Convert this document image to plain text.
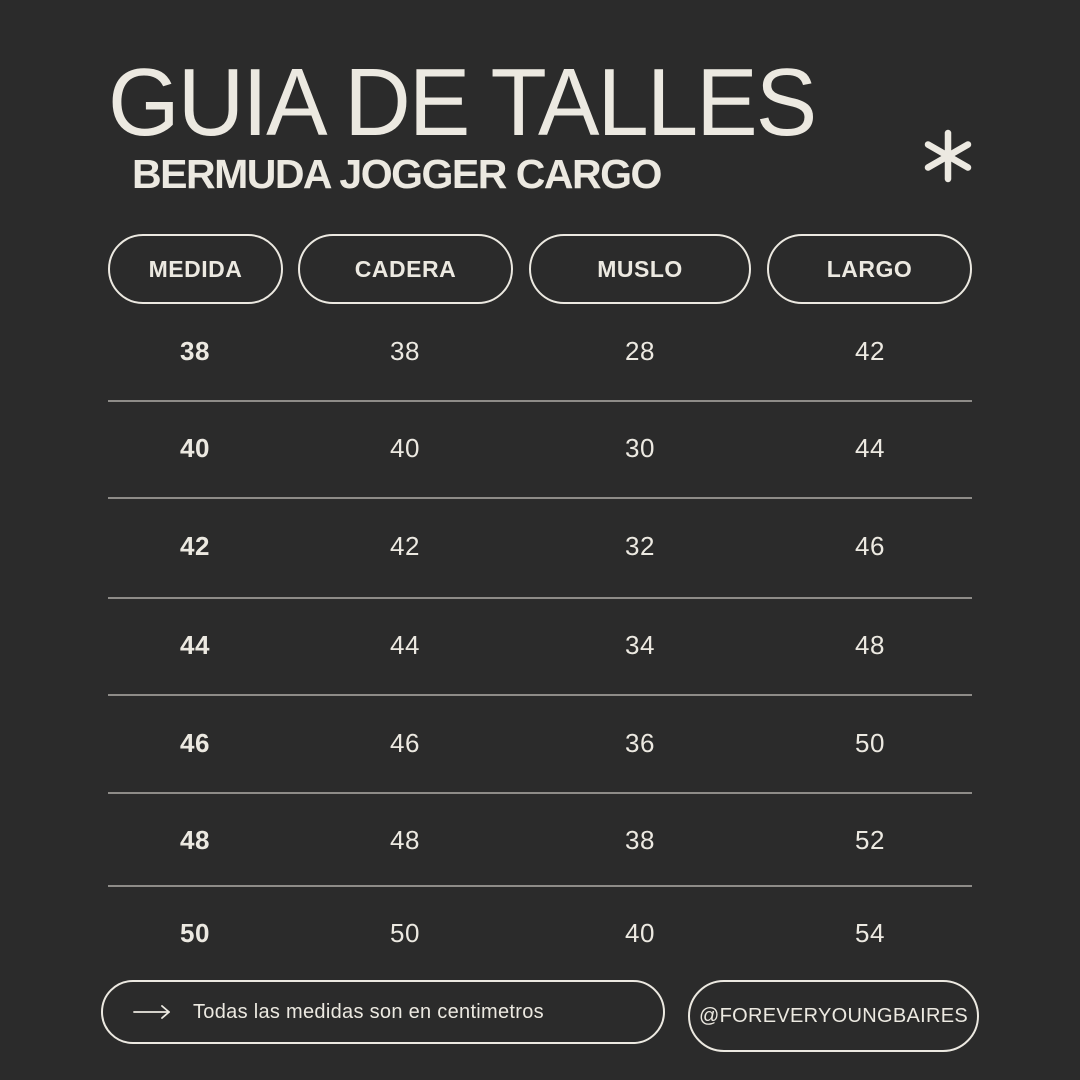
GUIA DE TALLES
BERMUDA JOGGER CARGO
MEDIDA	CADERA	MUSLO	LARGO
38	38	28	42
40	40	30	44
42	42	32	46
44	44	34	48
46	46	36	50
48	48	38	52
50	50	40	54
Todas las medidas son en centimetros	@FOREVERYOUNGBAIRES
